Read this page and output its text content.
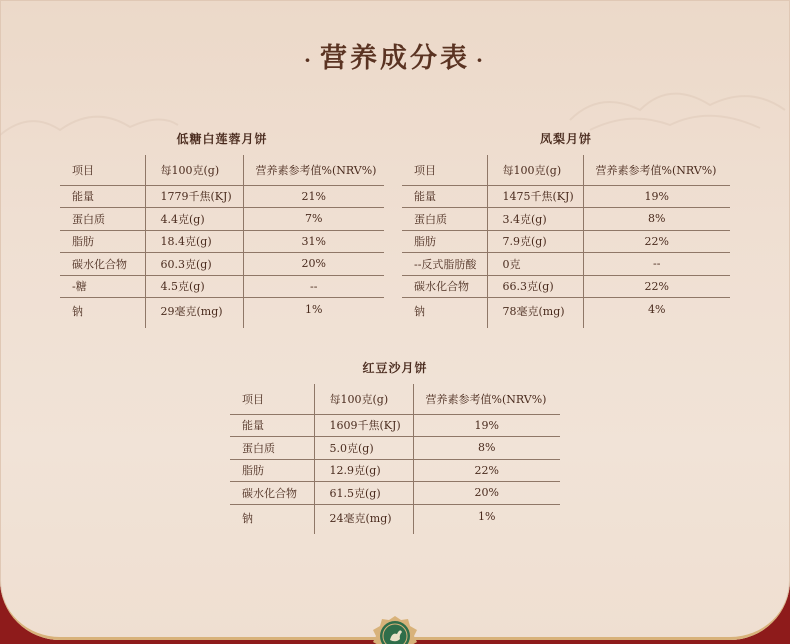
· 营养成分表 ·
低糖白莲蓉月饼
项目	每100克(g)	营养素参考值%(NRV%)
能量	1779千焦(KJ)	21%
蛋白质	4.4克(g)	7%
脂肪	18.4克(g)	31%
碳水化合物	60.3克(g)	20%
-糖	4.5克(g)	--
钠	29毫克(mg)	1%
凤梨月饼
项目	每100克(g)	营养素参考值%(NRV%)
能量	1475千焦(KJ)	19%
蛋白质	3.4克(g)	8%
脂肪	7.9克(g)	22%
--反式脂肪酸	0克	--
碳水化合物	66.3克(g)	22%
钠	78毫克(mg)	4%
红豆沙月饼
项目	每100克(g)	营养素参考值%(NRV%)
能量	1609千焦(KJ)	19%
蛋白质	5.0克(g)	8%
脂肪	12.9克(g)	22%
碳水化合物	61.5克(g)	20%
钠	24毫克(mg)	1%
